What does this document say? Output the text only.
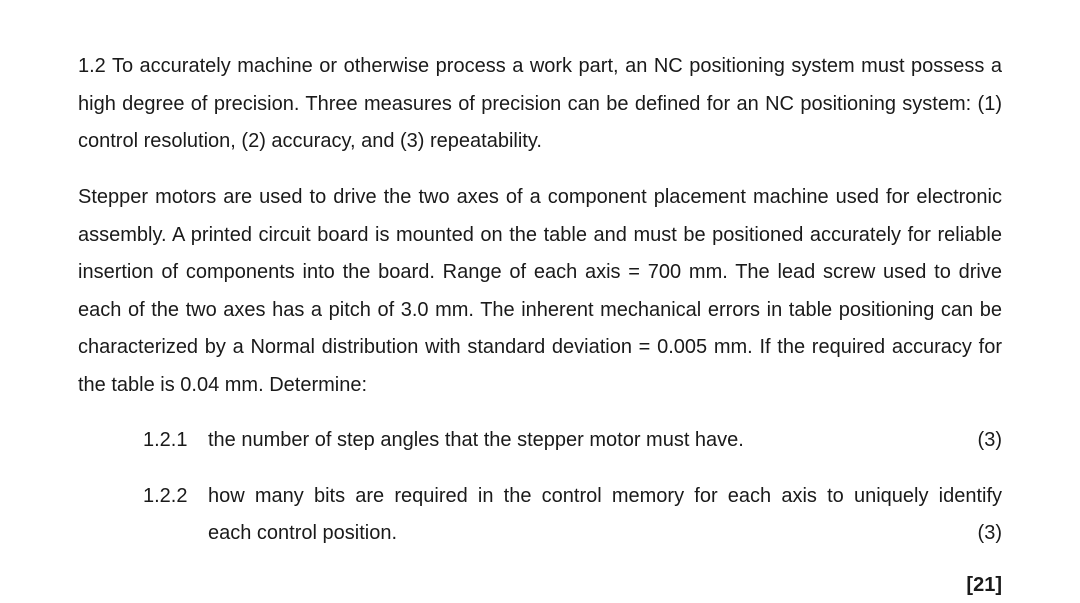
1.2 To accurately machine or otherwise process a work part, an NC positioning system must possess a high degree of precision. Three measures of precision can be defined for an NC positioning system: (1) control resolution, (2) accuracy, and (3) repeatability.

Stepper motors are used to drive the two axes of a component placement machine used for electronic assembly. A printed circuit board is mounted on the table and must be positioned accurately for reliable insertion of components into the board. Range of each axis = 700 mm. The lead screw used to drive each of the two axes has a pitch of 3.0 mm. The inherent mechanical errors in table positioning can be characterized by a Normal distribution with standard deviation = 0.005 mm. If the required accuracy for the table is 0.04 mm. Determine:

1.2.1 the number of step angles that the stepper motor must have.	(3)
1.2.2 how many bits are required in the control memory for each axis to uniquely identify
each control position.	(3)
[21]
